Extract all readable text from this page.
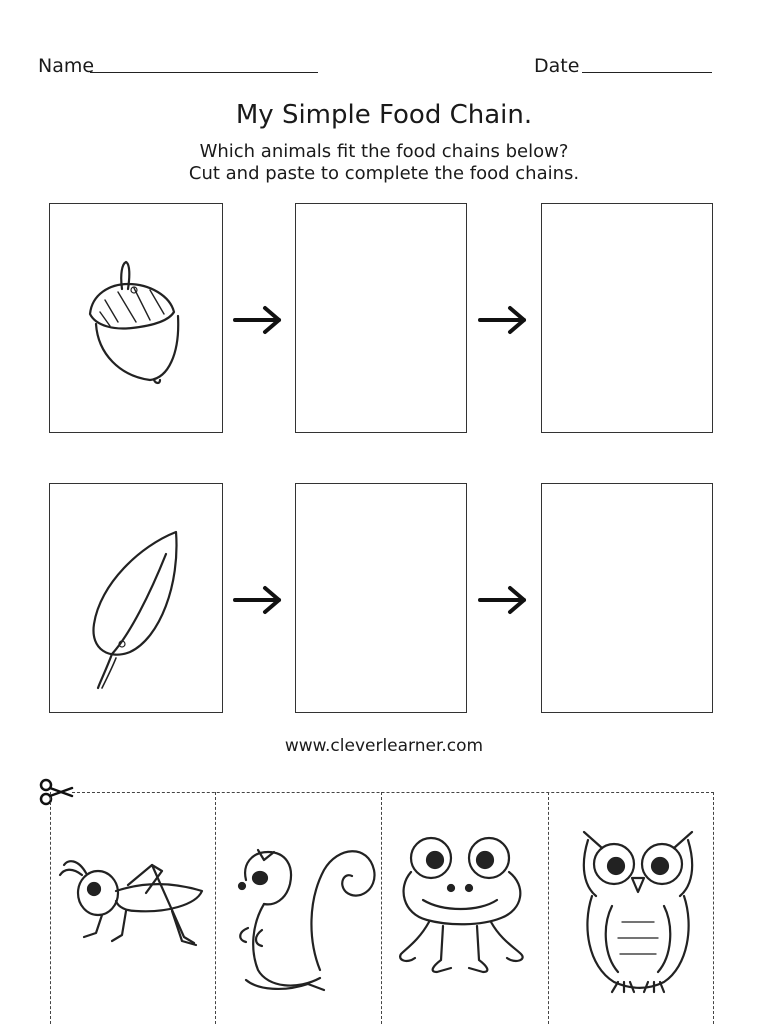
Name	Date
My Simple Food Chain.
Which animals fit the food chains below?
Cut and paste to complete the food chains.
www.cleverlearner.com
